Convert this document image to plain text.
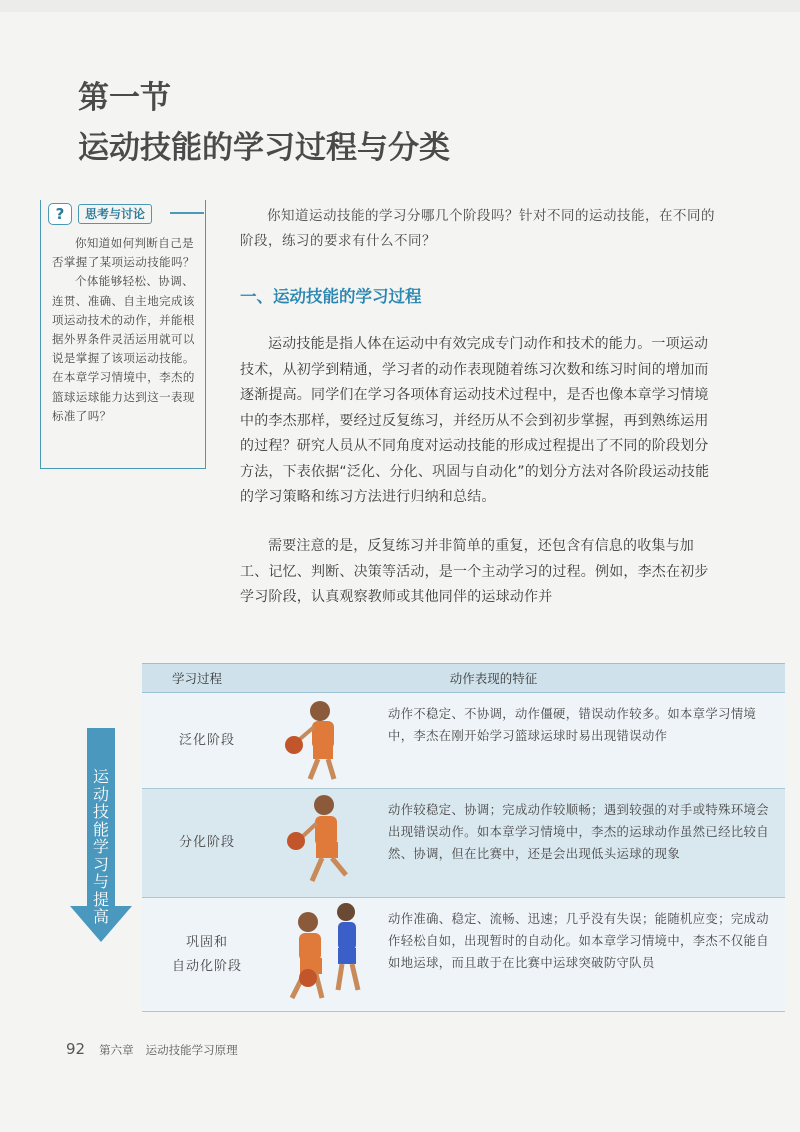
第一节
运动技能的学习过程与分类
?	思考与讨论

你知道如何判断自己是否掌握了某项运动技能吗？

个体能够轻松、协调、连贯、准确、自主地完成该项运动技术的动作，并能根据外界条件灵活运用就可以说是掌握了该项运动技能。在本章学习情境中，李杰的篮球运球能力达到这一表现标准了吗？

你知道运动技能的学习分哪几个阶段吗？针对不同的运动技能，在不同的阶段，练习的要求有什么不同？
一、运动技能的学习过程

运动技能是指人体在运动中有效完成专门动作和技术的能力。一项运动技术，从初学到精通，学习者的动作表现随着练习次数和练习时间的增加而逐渐提高。同学们在学习各项体育运动技术过程中，是否也像本章学习情境中的李杰那样，要经过反复练习，并经历从不会到初步掌握，再到熟练运用的过程？研究人员从不同角度对运动技能的形成过程提出了不同的阶段划分方法，下表依据“泛化、分化、巩固与自动化”的划分方法对各阶段运动技能的学习策略和练习方法进行归纳和总结。

需要注意的是，反复练习并非简单的重复，还包含有信息的收集与加工、记忆、判断、决策等活动，是一个主动学习的过程。例如，李杰在初步学习阶段，认真观察教师或其他同伴的运球动作并

运动技能学习与提高
学习过程	动作表现的特征
泛化阶段
动作不稳定、不协调，动作僵硬，错误动作较多。如本章学习情境中，李杰在刚开始学习篮球运球时易出现错误动作
分化阶段
动作较稳定、协调；完成动作较顺畅；遇到较强的对手或特殊环境会出现错误动作。如本章学习情境中，李杰的运球动作虽然已经比较自然、协调，但在比赛中，还是会出现低头运球的现象
巩固和
自动化阶段
动作准确、稳定、流畅、迅速；几乎没有失误；能随机应变；完成动作轻松自如，出现暂时的自动化。如本章学习情境中，李杰不仅能自如地运球，而且敢于在比赛中运球突破防守队员
92 第六章 运动技能学习原理
